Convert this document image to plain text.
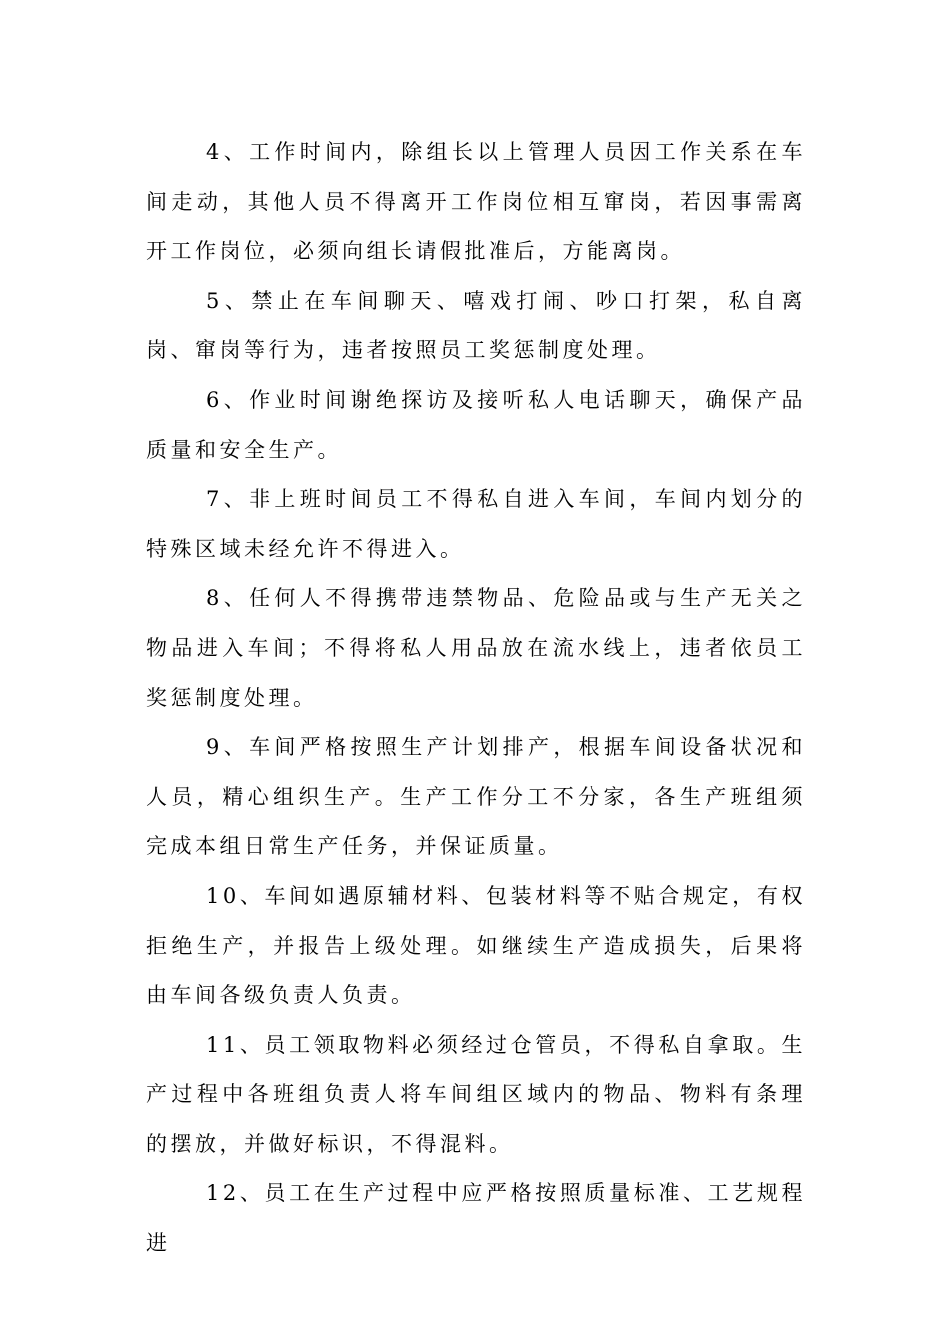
4、工作时间内，除组长以上管理人员因工作关系在车间走动，其他人员不得离开工作岗位相互窜岗，若因事需离开工作岗位，必须向组长请假批准后，方能离岗。

5、禁止在车间聊天、嘻戏打闹、吵口打架，私自离岗、窜岗等行为，违者按照员工奖惩制度处理。

6、作业时间谢绝探访及接听私人电话聊天，确保产品质量和安全生产。

7、非上班时间员工不得私自进入车间，车间内划分的特殊区域未经允许不得进入。

8、任何人不得携带违禁物品、危险品或与生产无关之物品进入车间；不得将私人用品放在流水线上，违者依员工奖惩制度处理。

9、车间严格按照生产计划排产，根据车间设备状况和人员，精心组织生产。生产工作分工不分家，各生产班组须完成本组日常生产任务，并保证质量。

10、车间如遇原辅材料、包装材料等不贴合规定，有权拒绝生产，并报告上级处理。如继续生产造成损失，后果将由车间各级负责人负责。

11、员工领取物料必须经过仓管员，不得私自拿取。生产过程中各班组负责人将车间组区域内的物品、物料有条理的摆放，并做好标识，不得混料。

12、员工在生产过程中应严格按照质量标准、工艺规程进
